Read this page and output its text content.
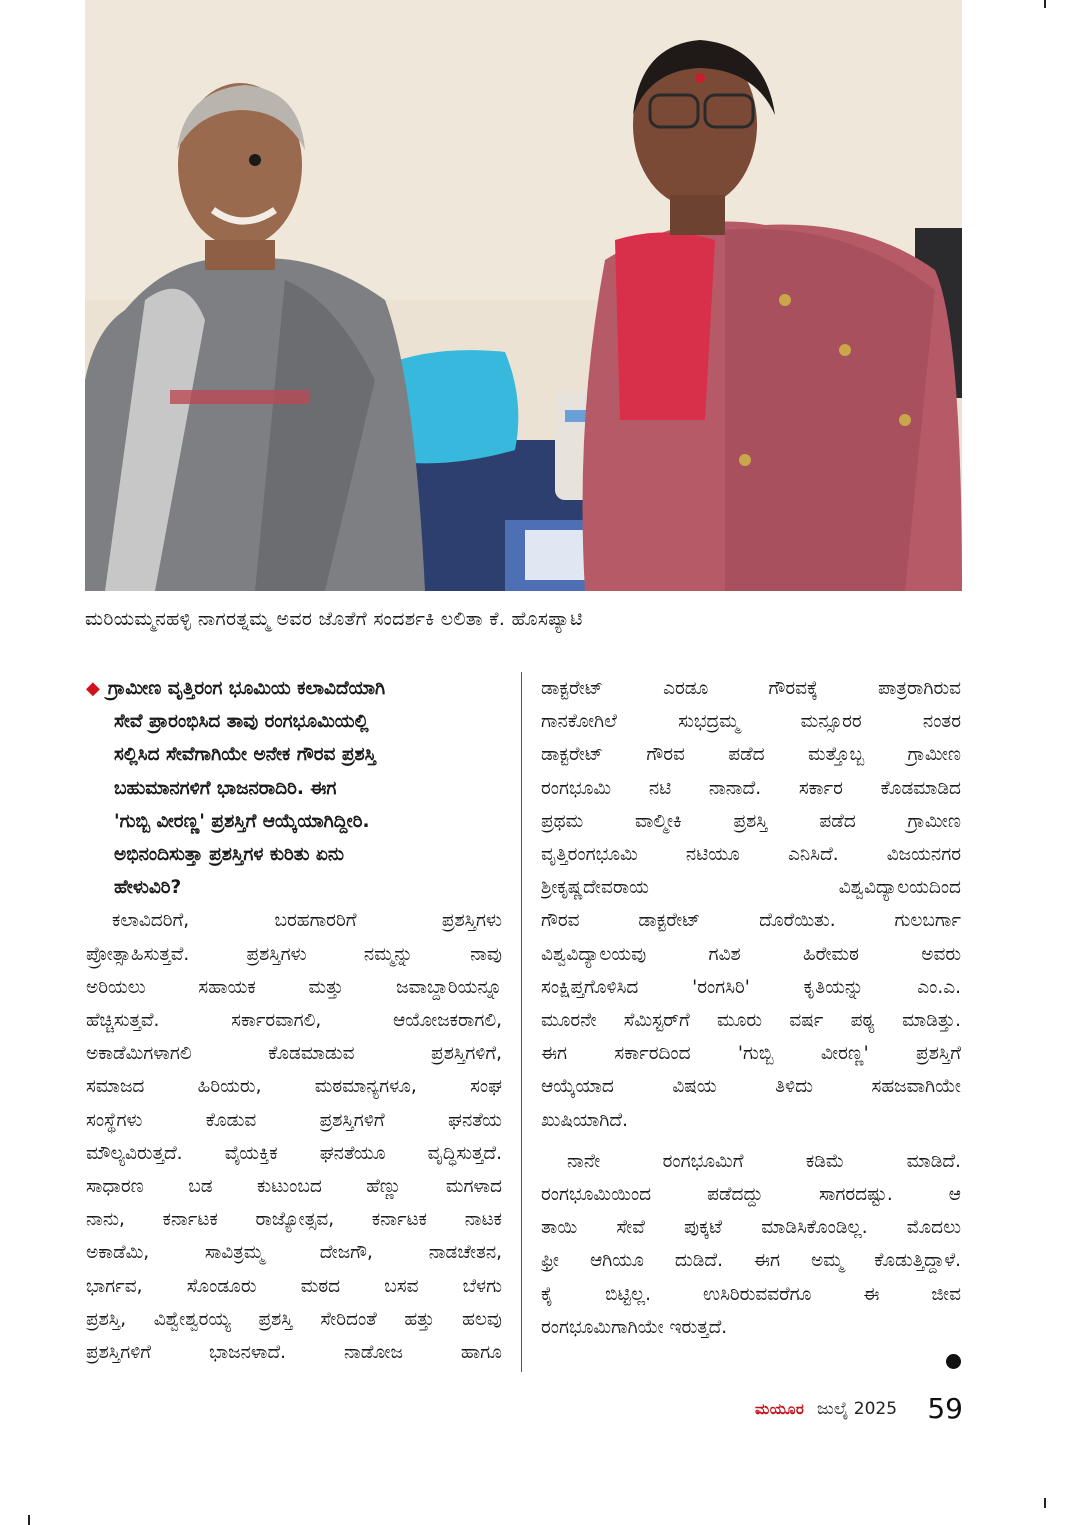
ಮರಿಯಮ್ಮನಹಳ್ಳಿ ನಾಗರತ್ನಮ್ಮ ಅವರ ಜೊತೆಗೆ ಸಂದರ್ಶಕಿ ಲಲಿತಾ ಕೆ. ಹೊಸಪ್ಯಾಟಿ
◆ ಗ್ರಾಮೀಣ ವೃತ್ತಿರಂಗ ಭೂಮಿಯ ಕಲಾವಿದೆಯಾಗಿ
ಸೇವೆ ಪ್ರಾರಂಭಿಸಿದ ತಾವು ರಂಗಭೂಮಿಯಲ್ಲಿ
ಸಲ್ಲಿಸಿದ ಸೇವೆಗಾಗಿಯೇ ಅನೇಕ ಗೌರವ ಪ್ರಶಸ್ತಿ
ಬಹುಮಾನಗಳಿಗೆ ಭಾಜನರಾದಿರಿ. ಈಗ
'ಗುಬ್ಬಿ ವೀರಣ್ಣ' ಪ್ರಶಸ್ತಿಗೆ ಆಯ್ಕೆಯಾಗಿದ್ದೀರಿ.
ಅಭಿನಂದಿಸುತ್ತಾ ಪ್ರಶಸ್ತಿಗಳ ಕುರಿತು ಏನು
ಹೇಳುವಿರಿ?
ಕಲಾವಿದರಿಗೆ, ಬರಹಗಾರರಿಗೆ ಪ್ರಶಸ್ತಿಗಳು
ಪ್ರೋತ್ಸಾಹಿಸುತ್ತವೆ. ಪ್ರಶಸ್ತಿಗಳು ನಮ್ಮನ್ನು ನಾವು
ಅರಿಯಲು ಸಹಾಯಕ ಮತ್ತು ಜವಾಬ್ದಾರಿಯನ್ನೂ
ಹೆಚ್ಚಿಸುತ್ತವೆ. ಸರ್ಕಾರವಾಗಲಿ, ಆಯೋಜಕರಾಗಲಿ,
ಅಕಾಡೆಮಿಗಳಾಗಲಿ ಕೊಡಮಾಡುವ ಪ್ರಶಸ್ತಿಗಳಿಗೆ,
ಸಮಾಜದ ಹಿರಿಯರು, ಮಠಮಾನ್ಯಗಳೂ, ಸಂಘ
ಸಂಸ್ಥೆಗಳು ಕೊಡುವ ಪ್ರಶಸ್ತಿಗಳಿಗೆ ಘನತೆಯ
ಮೌಲ್ಯವಿರುತ್ತದೆ. ವೈಯಕ್ತಿಕ ಘನತೆಯೂ ವೃದ್ಧಿಸುತ್ತದೆ.
ಸಾಧಾರಣ ಬಡ ಕುಟುಂಬದ ಹೆಣ್ಣು ಮಗಳಾದ
ನಾನು, ಕರ್ನಾಟಕ ರಾಜ್ಯೋತ್ಸವ, ಕರ್ನಾಟಕ ನಾಟಕ
ಅಕಾಡೆಮಿ, ಸಾವಿತ್ರಮ್ಮ ದೇಜಗೌ, ನಾಡಚೇತನ,
ಭಾರ್ಗವ, ಸೊಂಡೂರು ಮಠದ ಬಸವ ಬೆಳಗು
ಪ್ರಶಸ್ತಿ, ವಿಶ್ವೇಶ್ವರಯ್ಯ ಪ್ರಶಸ್ತಿ ಸೇರಿದಂತೆ ಹತ್ತು ಹಲವು
ಪ್ರಶಸ್ತಿಗಳಿಗೆ ಭಾಜನಳಾದೆ. ನಾಡೋಜ ಹಾಗೂ
ಡಾಕ್ಟರೇಟ್ ಎರಡೂ ಗೌರವಕ್ಕೆ ಪಾತ್ರರಾಗಿರುವ
ಗಾನಕೋಗಿಲೆ ಸುಭದ್ರಮ್ಮ ಮನ್ಸೂರರ ನಂತರ
ಡಾಕ್ಟರೇಟ್ ಗೌರವ ಪಡೆದ ಮತ್ತೊಬ್ಬ ಗ್ರಾಮೀಣ
ರಂಗಭೂಮಿ ನಟಿ ನಾನಾದೆ. ಸರ್ಕಾರ ಕೊಡಮಾಡಿದ
ಪ್ರಥಮ ವಾಲ್ಮೀಕಿ ಪ್ರಶಸ್ತಿ ಪಡೆದ ಗ್ರಾಮೀಣ
ವೃತ್ತಿರಂಗಭೂಮಿ ನಟಿಯೂ ಎನಿಸಿದೆ. ವಿಜಯನಗರ
ಶ್ರೀಕೃಷ್ಣದೇವರಾಯ ವಿಶ್ವವಿದ್ಯಾಲಯದಿಂದ
ಗೌರವ ಡಾಕ್ಟರೇಟ್ ದೊರೆಯಿತು. ಗುಲಬರ್ಗಾ
ವಿಶ್ವವಿದ್ಯಾಲಯವು ಗವಿಶ ಹಿರೇಮಠ ಅವರು
ಸಂಕ್ಷಿಪ್ತಗೊಳಿಸಿದ 'ರಂಗಸಿರಿ' ಕೃತಿಯನ್ನು ಎಂ.ಎ.
ಮೂರನೇ ಸೆಮಿಸ್ಟರ್‌ಗೆ ಮೂರು ವರ್ಷ ಪಠ್ಯ ಮಾಡಿತ್ತು.
ಈಗ ಸರ್ಕಾರದಿಂದ 'ಗುಬ್ಬಿ ವೀರಣ್ಣ' ಪ್ರಶಸ್ತಿಗೆ
ಆಯ್ಕೆಯಾದ ವಿಷಯ ತಿಳಿದು ಸಹಜವಾಗಿಯೇ
ಖುಷಿಯಾಗಿದೆ.
ನಾನೇ ರಂಗಭೂಮಿಗೆ ಕಡಿಮೆ ಮಾಡಿದೆ.
ರಂಗಭೂಮಿಯಿಂದ ಪಡೆದದ್ದು ಸಾಗರದಷ್ಟು. ಆ
ತಾಯಿ ಸೇವೆ ಪುಕ್ಕಟೆ ಮಾಡಿಸಿಕೊಂಡಿಲ್ಲ. ಮೊದಲು
ಫ್ರೀ ಆಗಿಯೂ ದುಡಿದೆ. ಈಗ ಅಮ್ಮ ಕೊಡುತ್ತಿದ್ದಾಳೆ.
ಕೈ ಬಿಟ್ಟಿಲ್ಲ. ಉಸಿರಿರುವವರೆಗೂ ಈ ಜೀವ
ರಂಗಭೂಮಿಗಾಗಿಯೇ ಇರುತ್ತದೆ.
ಮಯೂರ ಜುಲೈ 2025 59
